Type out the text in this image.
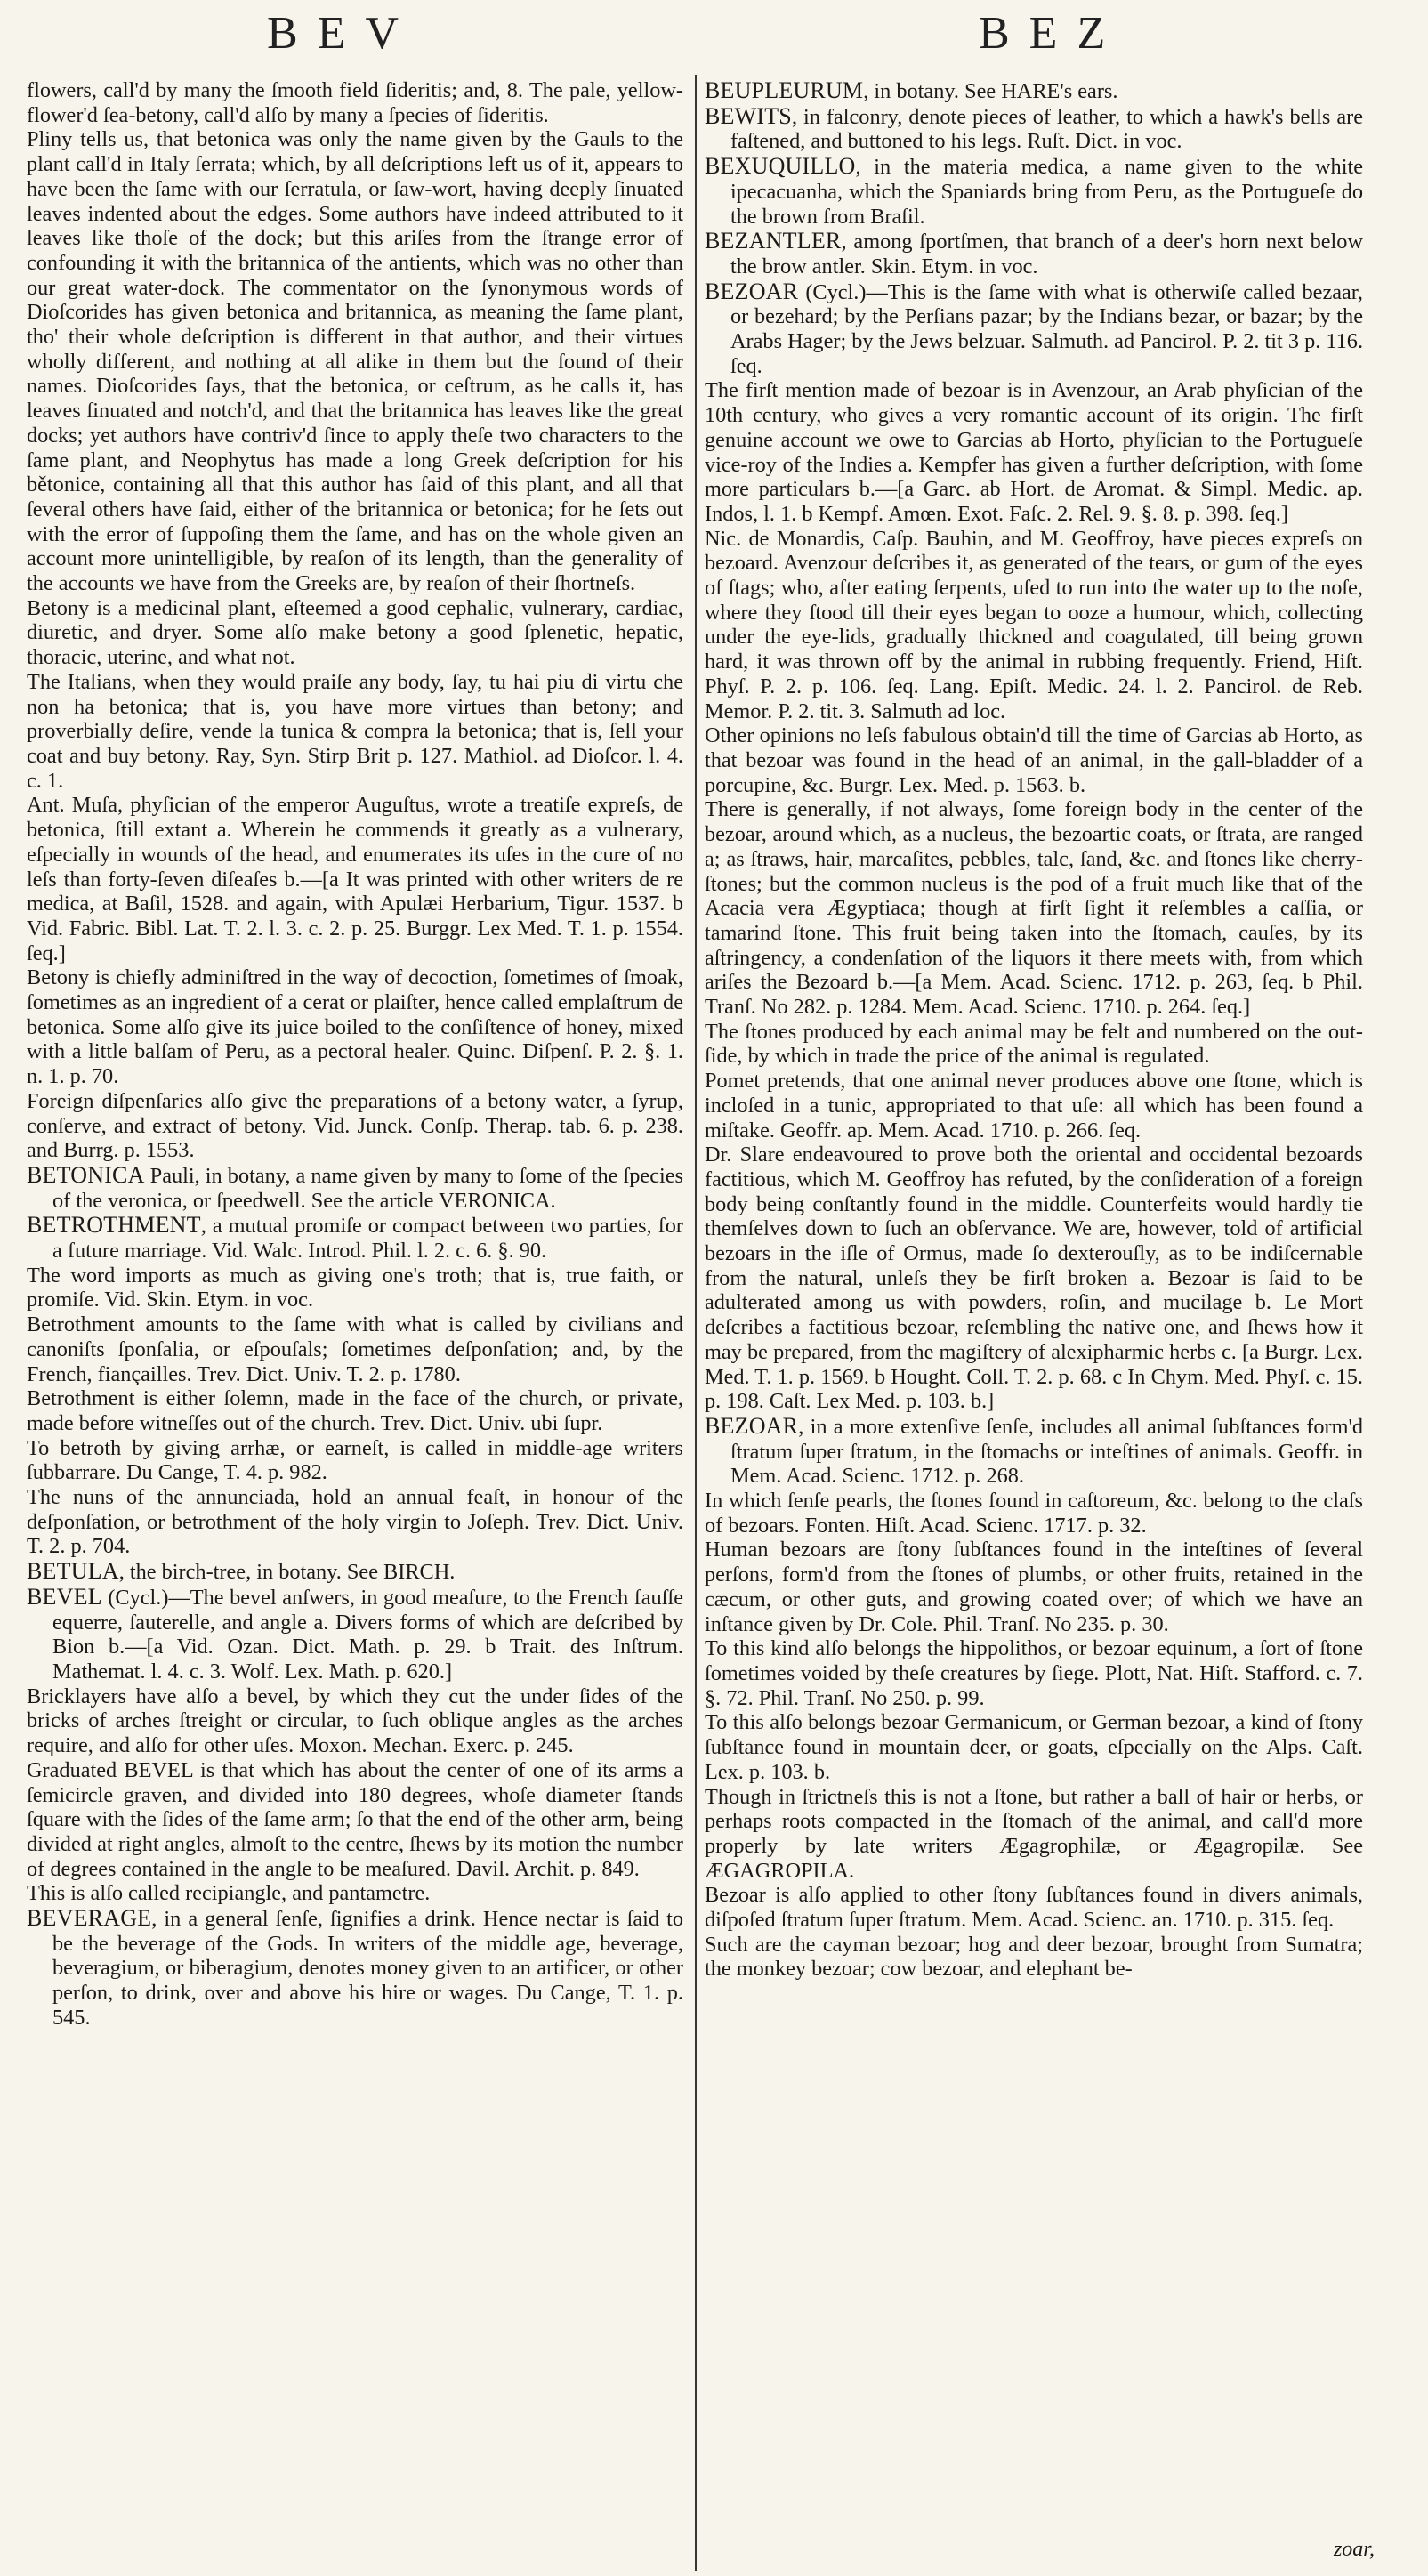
BEV	BEZ

flowers, call'd by many the ſmooth field ſideritis; and, 8. The pale, yellow-flower'd ſea-betony, call'd alſo by many a ſpecies of ſideritis.

Pliny tells us, that betonica was only the name given by the Gauls to the plant call'd in Italy ſerrata; which, by all deſcriptions left us of it, appears to have been the ſame with our ſerratula, or ſaw-wort, having deeply ſinuated leaves indented about the edges. Some authors have indeed attributed to it leaves like thoſe of the dock; but this ariſes from the ſtrange error of confounding it with the britannica of the antients, which was no other than our great water-dock. The commentator on the ſynonymous words of Dioſcorides has given betonica and britannica, as meaning the ſame plant, tho' their whole deſcription is different in that author, and their virtues wholly different, and nothing at all alike in them but the ſound of their names. Dioſcorides ſays, that the betonica, or ceſtrum, as he calls it, has leaves ſinuated and notch'd, and that the britannica has leaves like the great docks; yet authors have contriv'd ſince to apply theſe two characters to the ſame plant, and Neophytus has made a long Greek deſcription for his bětonice, containing all that this author has ſaid of this plant, and all that ſeveral others have ſaid, either of the britannica or betonica; for he ſets out with the error of ſuppoſing them the ſame, and has on the whole given an account more unintelligible, by reaſon of its length, than the generality of the accounts we have from the Greeks are, by reaſon of their ſhortneſs.

Betony is a medicinal plant, eſteemed a good cephalic, vulnerary, cardiac, diuretic, and dryer. Some alſo make betony a good ſplenetic, hepatic, thoracic, uterine, and what not.

The Italians, when they would praiſe any body, ſay, tu hai piu di virtu che non ha betonica; that is, you have more virtues than betony; and proverbially deſire, vende la tunica & compra la betonica; that is, ſell your coat and buy betony. Ray, Syn. Stirp Brit p. 127. Mathiol. ad Dioſcor. l. 4. c. 1.

Ant. Muſa, phyſician of the emperor Auguſtus, wrote a treatiſe expreſs, de betonica, ſtill extant a. Wherein he commends it greatly as a vulnerary, eſpecially in wounds of the head, and enumerates its uſes in the cure of no leſs than forty-ſeven diſeaſes b.—[a It was printed with other writers de re medica, at Baſil, 1528. and again, with Apulæi Herbarium, Tigur. 1537. b Vid. Fabric. Bibl. Lat. T. 2. l. 3. c. 2. p. 25. Burggr. Lex Med. T. 1. p. 1554. ſeq.]

Betony is chiefly adminiſtred in the way of decoction, ſometimes of ſmoak, ſometimes as an ingredient of a cerat or plaiſter, hence called emplaſtrum de betonica. Some alſo give its juice boiled to the conſiſtence of honey, mixed with a little balſam of Peru, as a pectoral healer. Quinc. Diſpenſ. P. 2. §. 1. n. 1. p. 70.

Foreign diſpenſaries alſo give the preparations of a betony water, a ſyrup, conſerve, and extract of betony. Vid. Junck. Conſp. Therap. tab. 6. p. 238. and Burrg. p. 1553.

BETONICA Pauli, in botany, a name given by many to ſome of the ſpecies of the veronica, or ſpeedwell. See the article VERONICA.

BETROTHMENT, a mutual promiſe or compact between two parties, for a future marriage. Vid. Walc. Introd. Phil. l. 2. c. 6. §. 90.

The word imports as much as giving one's troth; that is, true faith, or promiſe. Vid. Skin. Etym. in voc.

Betrothment amounts to the ſame with what is called by civilians and canoniſts ſponſalia, or eſpouſals; ſometimes deſponſation; and, by the French, fiançailles. Trev. Dict. Univ. T. 2. p. 1780.

Betrothment is either ſolemn, made in the face of the church, or private, made before witneſſes out of the church. Trev. Dict. Univ. ubi ſupr.

To betroth by giving arrhæ, or earneſt, is called in middle-age writers ſubbarrare. Du Cange, T. 4. p. 982.

The nuns of the annunciada, hold an annual feaſt, in honour of the deſponſation, or betrothment of the holy virgin to Joſeph. Trev. Dict. Univ. T. 2. p. 704.

BETULA, the birch-tree, in botany. See BIRCH.

BEVEL (Cycl.)—The bevel anſwers, in good meaſure, to the French fauſſe equerre, ſauterelle, and angle a. Divers forms of which are deſcribed by Bion b.—[a Vid. Ozan. Dict. Math. p. 29. b Trait. des Inſtrum. Mathemat. l. 4. c. 3. Wolf. Lex. Math. p. 620.]

Bricklayers have alſo a bevel, by which they cut the under ſides of the bricks of arches ſtreight or circular, to ſuch oblique angles as the arches require, and alſo for other uſes. Moxon. Mechan. Exerc. p. 245.

Graduated BEVEL is that which has about the center of one of its arms a ſemicircle graven, and divided into 180 degrees, whoſe diameter ſtands ſquare with the ſides of the ſame arm; ſo that the end of the other arm, being divided at right angles, almoſt to the centre, ſhews by its motion the number of degrees contained in the angle to be meaſured. Davil. Archit. p. 849.

This is alſo called recipiangle, and pantametre.

BEVERAGE, in a general ſenſe, ſignifies a drink. Hence nectar is ſaid to be the beverage of the Gods. In writers of the middle age, beverage, beveragium, or biberagium, denotes money given to an artificer, or other perſon, to drink, over and above his hire or wages. Du Cange, T. 1. p. 545.

BEUPLEURUM, in botany. See HARE's ears.

BEWITS, in falconry, denote pieces of leather, to which a hawk's bells are faſtened, and buttoned to his legs. Ruſt. Dict. in voc.

BEXUQUILLO, in the materia medica, a name given to the white ipecacuanha, which the Spaniards bring from Peru, as the Portugueſe do the brown from Braſil.

BEZANTLER, among ſportſmen, that branch of a deer's horn next below the brow antler. Skin. Etym. in voc.

BEZOAR (Cycl.)—This is the ſame with what is otherwiſe called bezaar, or bezehard; by the Perſians pazar; by the Indians bezar, or bazar; by the Arabs Hager; by the Jews belzuar. Salmuth. ad Pancirol. P. 2. tit 3 p. 116. ſeq.

The firſt mention made of bezoar is in Avenzour, an Arab phyſician of the 10th century, who gives a very romantic account of its origin. The firſt genuine account we owe to Garcias ab Horto, phyſician to the Portugueſe vice-roy of the Indies a. Kempfer has given a further deſcription, with ſome more particulars b.—[a Garc. ab Hort. de Aromat. & Simpl. Medic. ap. Indos, l. 1. b Kempf. Amœn. Exot. Faſc. 2. Rel. 9. §. 8. p. 398. ſeq.]

Nic. de Monardis, Caſp. Bauhin, and M. Geoffroy, have pieces expreſs on bezoard. Avenzour deſcribes it, as generated of the tears, or gum of the eyes of ſtags; who, after eating ſerpents, uſed to run into the water up to the noſe, where they ſtood till their eyes began to ooze a humour, which, collecting under the eye-lids, gradually thickned and coagulated, till being grown hard, it was thrown off by the animal in rubbing frequently. Friend, Hiſt. Phyſ. P. 2. p. 106. ſeq. Lang. Epiſt. Medic. 24. l. 2. Pancirol. de Reb. Memor. P. 2. tit. 3. Salmuth ad loc.

Other opinions no leſs fabulous obtain'd till the time of Garcias ab Horto, as that bezoar was found in the head of an animal, in the gall-bladder of a porcupine, &c. Burgr. Lex. Med. p. 1563. b.

There is generally, if not always, ſome foreign body in the center of the bezoar, around which, as a nucleus, the bezoartic coats, or ſtrata, are ranged a; as ſtraws, hair, marcaſites, pebbles, talc, ſand, &c. and ſtones like cherry-ſtones; but the common nucleus is the pod of a fruit much like that of the Acacia vera Ægyptiaca; though at firſt ſight it reſembles a caſſia, or tamarind ſtone. This fruit being taken into the ſtomach, cauſes, by its aſtringency, a condenſation of the liquors it there meets with, from which ariſes the Bezoard b.—[a Mem. Acad. Scienc. 1712. p. 263, ſeq. b Phil. Tranſ. No 282. p. 1284. Mem. Acad. Scienc. 1710. p. 264. ſeq.]

The ſtones produced by each animal may be felt and numbered on the out-ſide, by which in trade the price of the animal is regulated.

Pomet pretends, that one animal never produces above one ſtone, which is incloſed in a tunic, appropriated to that uſe: all which has been found a miſtake. Geoffr. ap. Mem. Acad. 1710. p. 266. ſeq.

Dr. Slare endeavoured to prove both the oriental and occidental bezoards factitious, which M. Geoffroy has refuted, by the conſideration of a foreign body being conſtantly found in the middle. Counterfeits would hardly tie themſelves down to ſuch an obſervance. We are, however, told of artificial bezoars in the iſle of Ormus, made ſo dexterouſly, as to be indiſcernable from the natural, unleſs they be firſt broken a. Bezoar is ſaid to be adulterated among us with powders, roſin, and mucilage b. Le Mort deſcribes a factitious bezoar, reſembling the native one, and ſhews how it may be prepared, from the magiſtery of alexipharmic herbs c. [a Burgr. Lex. Med. T. 1. p. 1569. b Hought. Coll. T. 2. p. 68. c In Chym. Med. Phyſ. c. 15. p. 198. Caſt. Lex Med. p. 103. b.]

BEZOAR, in a more extenſive ſenſe, includes all animal ſubſtances form'd ſtratum ſuper ſtratum, in the ſtomachs or inteſtines of animals. Geoffr. in Mem. Acad. Scienc. 1712. p. 268.

In which ſenſe pearls, the ſtones found in caſtoreum, &c. belong to the claſs of bezoars. Fonten. Hiſt. Acad. Scienc. 1717. p. 32.

Human bezoars are ſtony ſubſtances found in the inteſtines of ſeveral perſons, form'd from the ſtones of plumbs, or other fruits, retained in the cæcum, or other guts, and growing coated over; of which we have an inſtance given by Dr. Cole. Phil. Tranſ. No 235. p. 30.

To this kind alſo belongs the hippolithos, or bezoar equinum, a ſort of ſtone ſometimes voided by theſe creatures by ſiege. Plott, Nat. Hiſt. Stafford. c. 7. §. 72. Phil. Tranſ. No 250. p. 99.

To this alſo belongs bezoar Germanicum, or German bezoar, a kind of ſtony ſubſtance found in mountain deer, or goats, eſpecially on the Alps. Caſt. Lex. p. 103. b.

Though in ſtrictneſs this is not a ſtone, but rather a ball of hair or herbs, or perhaps roots compacted in the ſtomach of the animal, and call'd more properly by late writers Ægagrophilæ, or Ægagropilæ. See ÆGAGROPILA.

Bezoar is alſo applied to other ſtony ſubſtances found in divers animals, diſpoſed ſtratum ſuper ſtratum. Mem. Acad. Scienc. an. 1710. p. 315. ſeq.

Such are the cayman bezoar; hog and deer bezoar, brought from Sumatra; the monkey bezoar; cow bezoar, and elephant be-

zoar,
